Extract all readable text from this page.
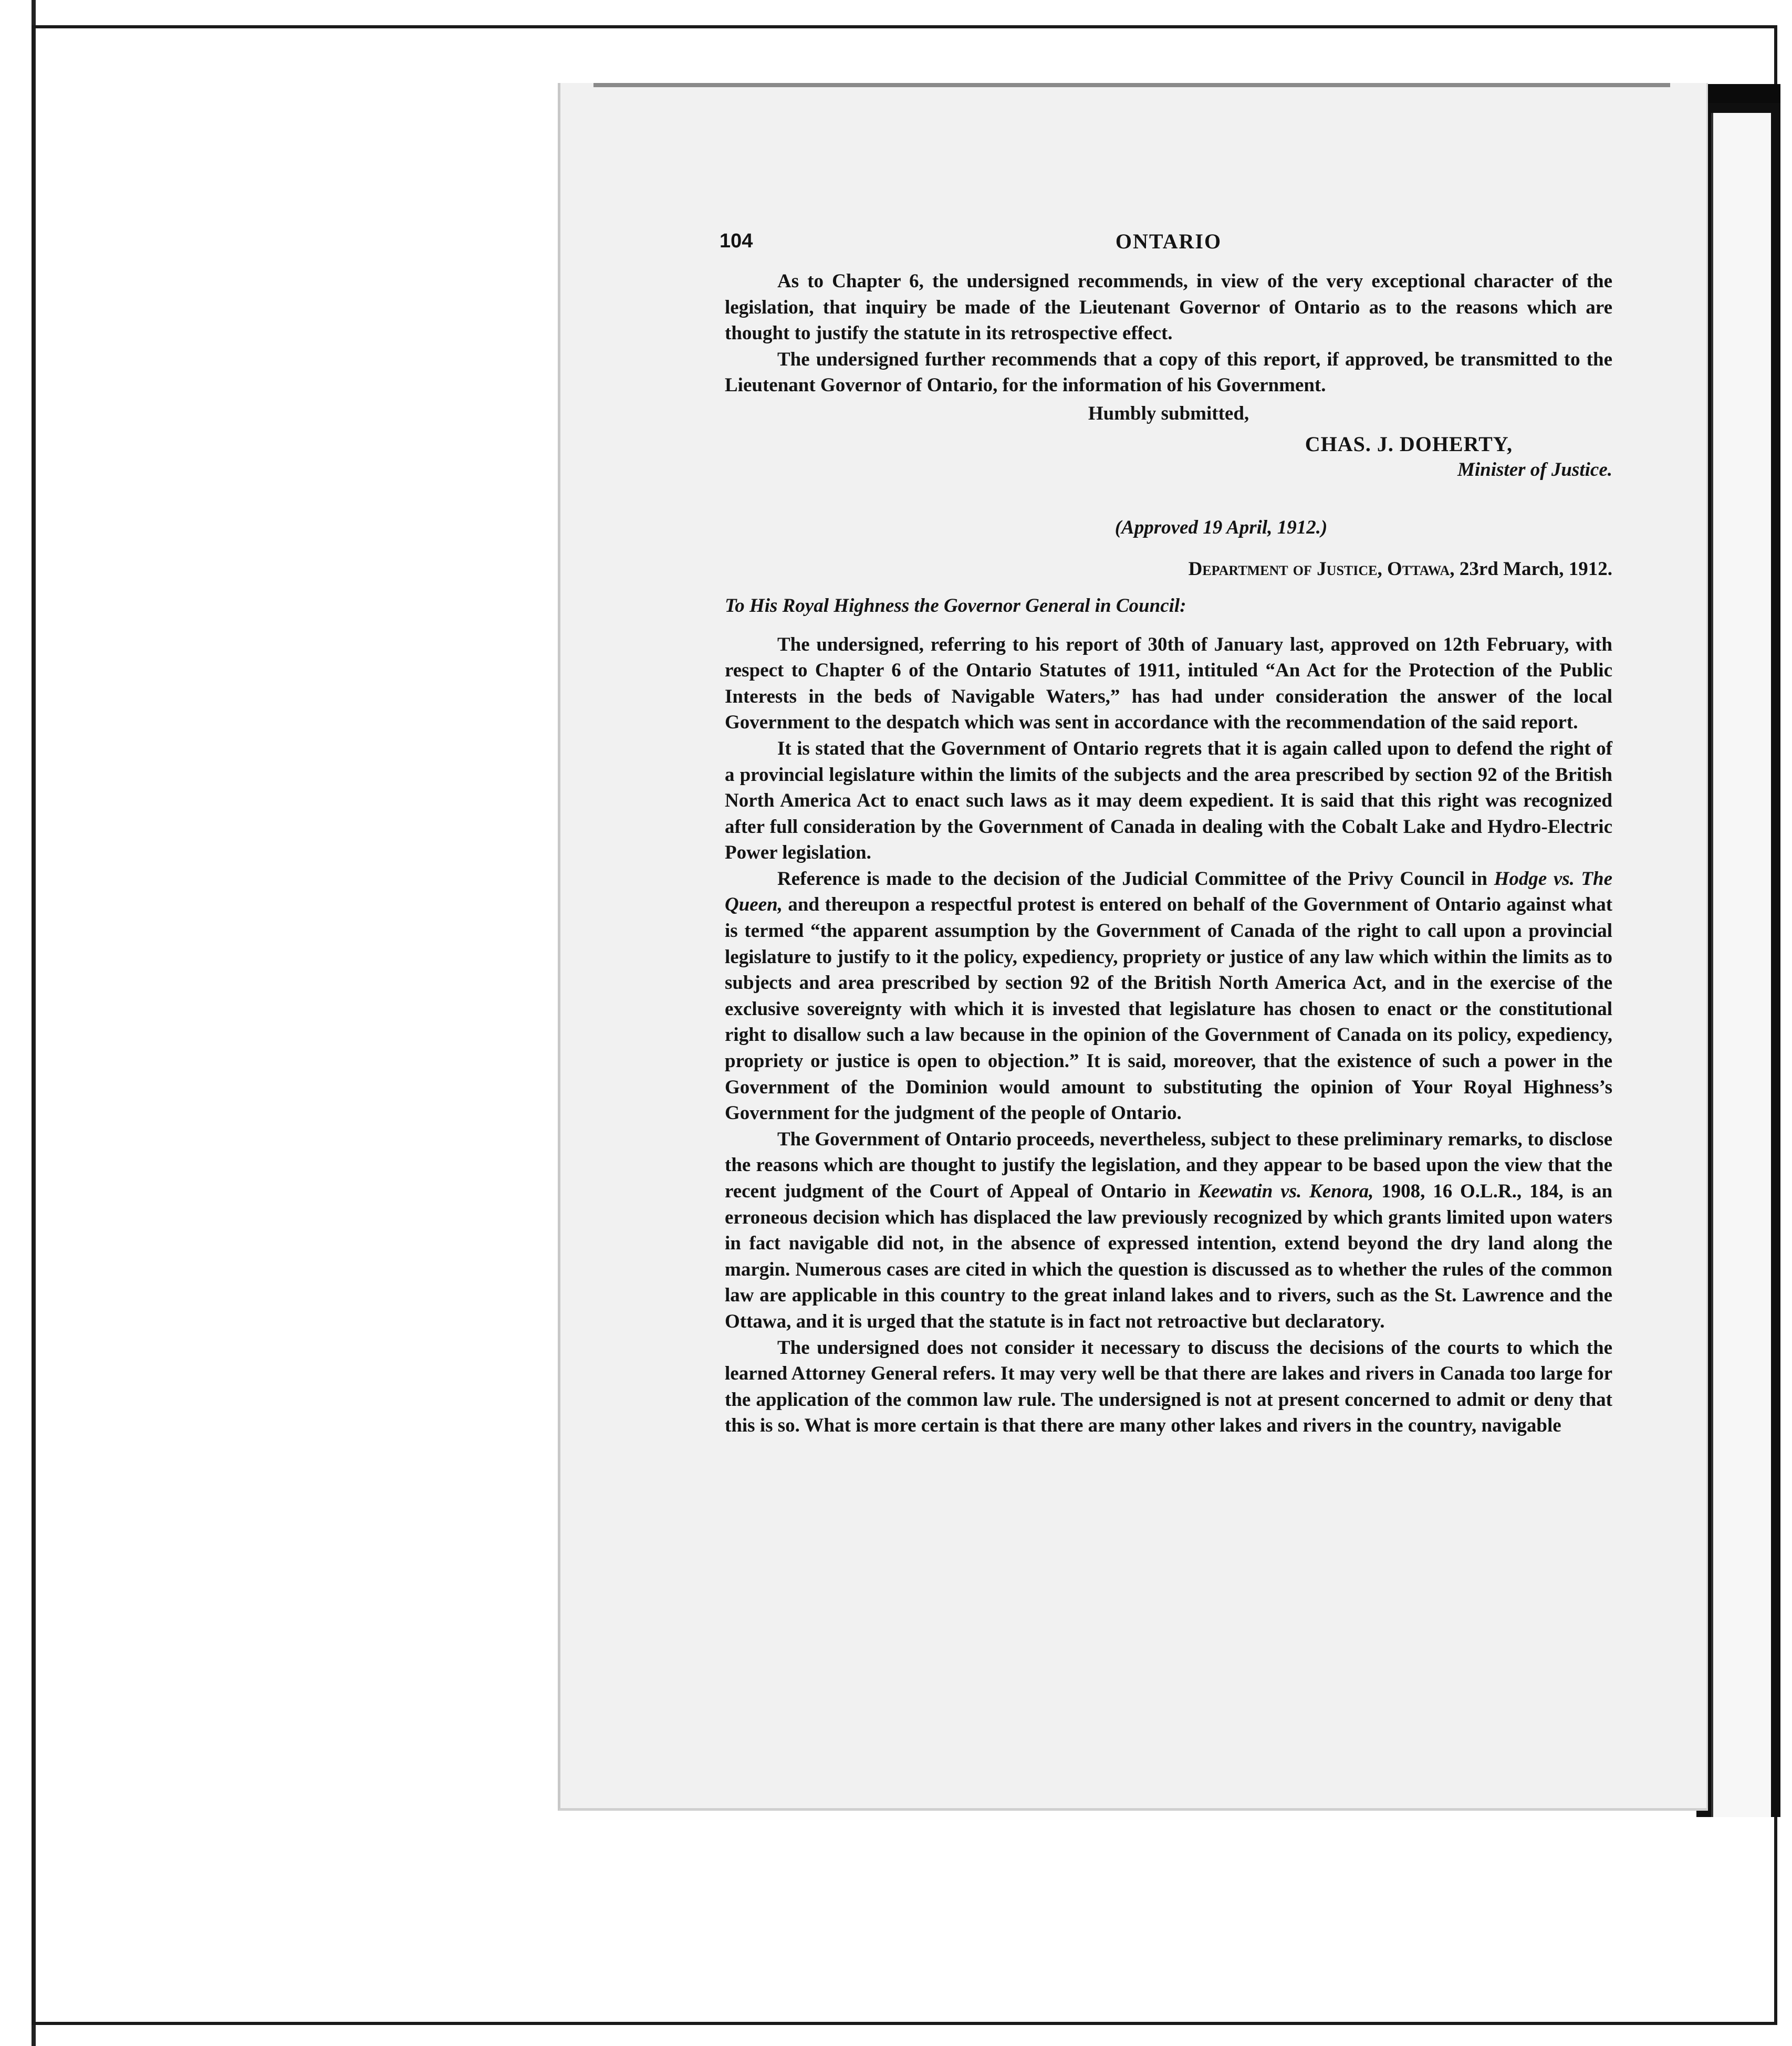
104	ONTARIO

As to Chapter 6, the undersigned recommends, in view of the very exceptional character of the legislation, that inquiry be made of the Lieutenant Governor of Ontario as to the reasons which are thought to justify the statute in its retrospective effect.

The undersigned further recommends that a copy of this report, if approved, be transmitted to the Lieutenant Governor of Ontario, for the information of his Government.

Humbly submitted,

CHAS. J. DOHERTY,

Minister of Justice.

(Approved 19 April, 1912.)

Department of Justice, Ottawa, 23rd March, 1912.

To His Royal Highness the Governor General in Council:

The undersigned, referring to his report of 30th of January last, approved on 12th February, with respect to Chapter 6 of the Ontario Statutes of 1911, intituled “An Act for the Protection of the Public Interests in the beds of Navigable Waters,” has had under consideration the answer of the local Government to the despatch which was sent in accordance with the recommendation of the said report.

It is stated that the Government of Ontario regrets that it is again called upon to defend the right of a provincial legislature within the limits of the subjects and the area prescribed by section 92 of the British North America Act to enact such laws as it may deem expedient. It is said that this right was recognized after full consideration by the Government of Canada in dealing with the Cobalt Lake and Hydro-Electric Power legislation.

Reference is made to the decision of the Judicial Committee of the Privy Council in Hodge vs. The Queen, and thereupon a respectful protest is entered on behalf of the Government of Ontario against what is termed “the apparent assumption by the Government of Canada of the right to call upon a provincial legislature to justify to it the policy, expediency, propriety or justice of any law which within the limits as to subjects and area prescribed by section 92 of the British North America Act, and in the exercise of the exclusive sovereignty with which it is invested that legislature has chosen to enact or the constitutional right to disallow such a law because in the opinion of the Government of Canada on its policy, expediency, propriety or justice is open to objection.” It is said, moreover, that the existence of such a power in the Government of the Dominion would amount to substituting the opinion of Your Royal Highness’s Government for the judgment of the people of Ontario.

The Government of Ontario proceeds, nevertheless, subject to these preliminary remarks, to disclose the reasons which are thought to justify the legislation, and they appear to be based upon the view that the recent judgment of the Court of Appeal of Ontario in Keewatin vs. Kenora, 1908, 16 O.L.R., 184, is an erroneous decision which has displaced the law previously recognized by which grants limited upon waters in fact navigable did not, in the absence of expressed intention, extend beyond the dry land along the margin. Numerous cases are cited in which the question is discussed as to whether the rules of the common law are applicable in this country to the great inland lakes and to rivers, such as the St. Lawrence and the Ottawa, and it is urged that the statute is in fact not retroactive but declaratory.

The undersigned does not consider it necessary to discuss the decisions of the courts to which the learned Attorney General refers. It may very well be that there are lakes and rivers in Canada too large for the application of the common law rule. The undersigned is not at present concerned to admit or deny that this is so. What is more certain is that there are many other lakes and rivers in the country, navigable
